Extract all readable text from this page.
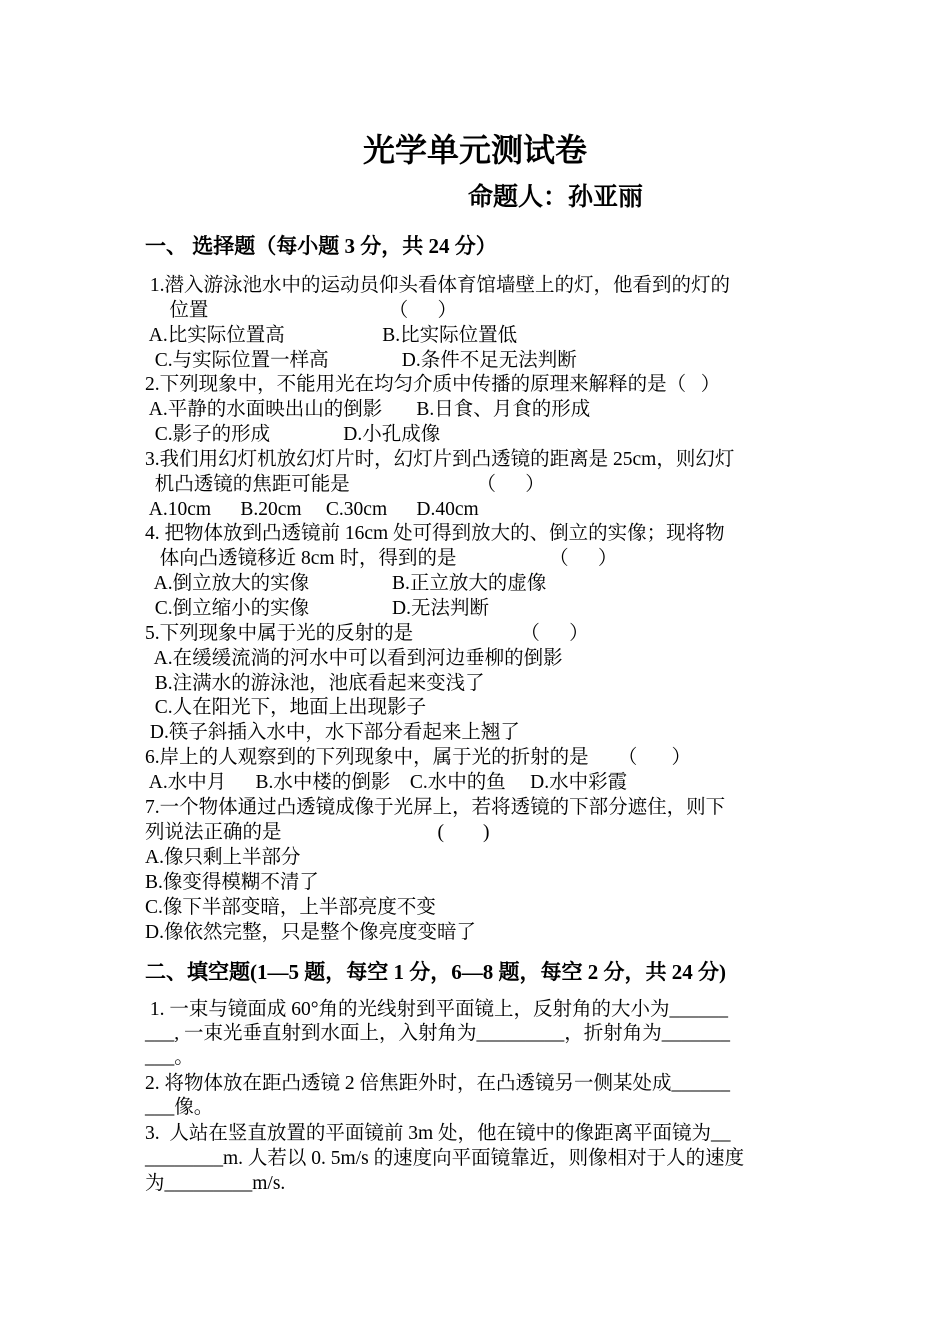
光学单元测试卷
命题人：孙亚丽
一、 选择题（每小题 3 分，共 24 分）
1.潜入游泳池水中的运动员仰头看体育馆墙壁上的灯，他看到的灯的
位置                                     （      ）
A.比实际位置高                    B.比实际位置低
C.与实际位置一样高               D.条件不足无法判断
2.下列现象中，不能用光在均匀介质中传播的原理来解释的是（   ）
A.平静的水面映出山的倒影       B.日食、月食的形成
C.影子的形成               D.小孔成像
3.我们用幻灯机放幻灯片时，幻灯片到凸透镜的距离是 25cm，则幻灯
机凸透镜的焦距可能是                          （      ）
A.10cm      B.20cm     C.30cm      D.40cm
4. 把物体放到凸透镜前 16cm 处可得到放大的、倒立的实像；现将物
体向凸透镜移近 8cm 时，得到的是                   （      ）
A.倒立放大的实像                 B.正立放大的虚像
C.倒立缩小的实像                 D.无法判断
5.下列现象中属于光的反射的是                      （      ）
A.在缓缓流淌的河水中可以看到河边垂柳的倒影
B.注满水的游泳池，池底看起来变浅了
C.人在阳光下，地面上出现影子
D.筷子斜插入水中，水下部分看起来上翘了
6.岸上的人观察到的下列现象中，属于光的折射的是      （       ）
A.水中月      B.水中楼的倒影    C.水中的鱼     D.水中彩霞
7.一个物体通过凸透镜成像于光屏上，若将透镜的下部分遮住，则下
列说法正确的是                                (        )
A.像只剩上半部分
B.像变得模糊不清了
C.像下半部变暗，上半部亮度不变
D.像依然完整，只是整个像亮度变暗了
二、填空题(1—5 题，每空 1 分，6—8 题，每空 2 分，共 24 分)
1. 一束与镜面成 60°角的光线射到平面镜上，反射角的大小为______
___, 一束光垂直射到水面上，入射角为_________，折射角为_______
___。
2. 将物体放在距凸透镜 2 倍焦距外时，在凸透镜另一侧某处成______
___像。
3.  人站在竖直放置的平面镜前 3m 处，他在镜中的像距离平面镜为__
________m. 人若以 0. 5m/s 的速度向平面镜靠近，则像相对于人的速度
为_________m/s.
